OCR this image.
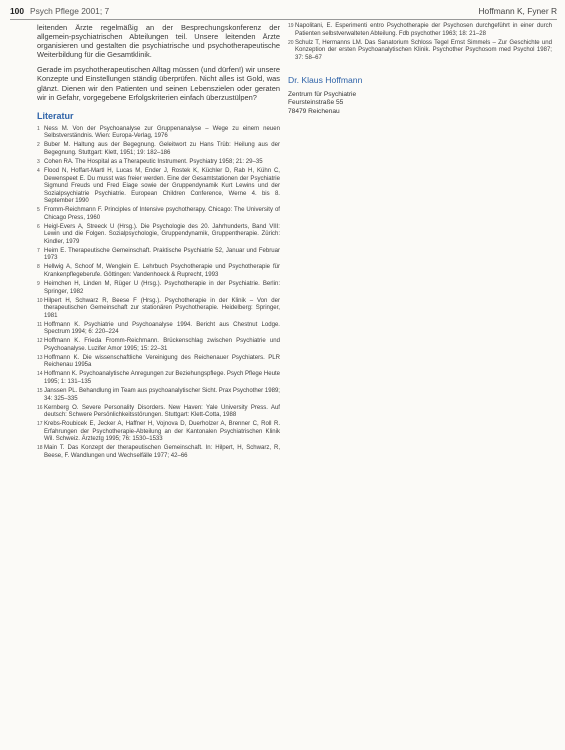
100 Psych Pflege 2001; 7	Hoffmann K, Fyner R

leitenden Ärzte regelmäßig an der Besprechungskonferenz der allgemein-psychiatrischen Abteilungen teil. Unsere leitenden Ärzte organisieren und gestalten die psychiatrische und psychotherapeutische Weiterbildung für die Gesamtklinik.

Gerade im psychotherapeutischen Alltag müssen (und dürfen!) wir unsere Konzepte und Einstellungen ständig überprüfen. Nicht alles ist Gold, was glänzt. Dienen wir den Patienten und seinen Lebenszielen oder geraten wir in Gefahr, vorgegebene Erfolgskriterien einfach überzustülpen?

Literatur
1 Ness M. Von der Psychoanalyse zur Gruppenanalyse – Wege zu einem neuen Selbstverständnis. Wien: Europa-Verlag, 1976
2 Buber M. Haltung aus der Begegnung. Geleitwort zu Hans Trüb: Heilung aus der Begegnung. Stuttgart: Klett, 1951; 19: 182–186
3 Cohen RA. The Hospital as a Therapeutic Instrument. Psychiatry 1958; 21: 29–35
4 Flood N, Hoffart-Martl H, Lucas M, Ender J, Rostek K, Küchler D, Rab H, Kühn C, Dewenspeet E. Du musst was freier werden. Eine der Gesamtstationen der Psychiatrie Sigmund Freuds und Fred Eiage sowie der Gruppendynamik Kurt Lewins und der Sozialpsychiatrie Psychiatrie. European Children Conference, Werne 4. bis 8. September 1990
5 Fromm-Reichmann F. Principles of Intensive psychotherapy. Chicago: The University of Chicago Press, 1960
6 Heigl-Evers A, Streeck U (Hrsg.). Die Psychologie des 20. Jahrhunderts, Band VIII: Lewin und die Folgen. Sozialpsychologie, Gruppendynamik, Gruppentherapie. Zürich: Kindler, 1979
7 Heim E. Therapeutische Gemeinschaft. Praktische Psychiatrie 52, Januar und Februar 1973
8 Hellwig A, Schoof M, Wenglein E. Lehrbuch Psychotherapie und Psychotherapie für Krankenpflegeberufe. Göttingen: Vandenhoeck & Ruprecht, 1993
9 Heimchen H, Linden M, Rüger U (Hrsg.). Psychotherapie in der Psychiatrie. Berlin: Springer, 1982
10 Hilpert H, Schwarz R, Beese F (Hrsg.). Psychotherapie in der Klinik – Von der therapeutischen Gemeinschaft zur stationären Psychotherapie. Heidelberg: Springer, 1981
11 Hoffmann K. Psychiatrie und Psychoanalyse 1994. Bericht aus Chestnut Lodge. Spectrum 1994; 6: 220–224
12 Hoffmann K. Frieda Fromm-Reichmann. Brückenschlag zwischen Psychiatrie und Psychoanalyse. Luzifer Amor 1995; 15: 22–31
13 Hoffmann K. Die wissenschaftliche Vereinigung des Reichenauer Psychiaters. PLR Reichenau 1995a
14 Hoffmann K. Psychoanalytische Anregungen zur Beziehungspflege. Psych Pflege Heute 1995; 1: 131–135
15 Janssen PL. Behandlung im Team aus psychoanalytischer Sicht. Prax Psychother 1989; 34: 325–335
16 Kernberg O. Severe Personality Disorders. New Haven: Yale University Press. Auf deutsch: Schwere Persönlichkeitsstörungen. Stuttgart: Klett-Cotta, 1988
17 Krebs-Roubicek E, Jecker A, Haffner H, Vojnova D, Duerholzer A, Brenner C, Roll R. Erfahrungen der Psychotherapie-Abteilung an der Kantonalen Psychiatrischen Klinik Wil. Schweiz. Ärzteztg 1995; 76: 1530–1533
18 Main T. Das Konzept der therapeutischen Gemeinschaft. In: Hilpert, H, Schwarz, R, Beese, F. Wandlungen und Wechselfälle 1977; 42–66
19 Napolitani, E. Esperimenti entro Psychotherapie der Psychosen durchgeführt in einer durch Patienten selbstverwalteten Abteilung. Fdb psychother 1963; 18: 21–28
20 Schulz T, Hermanns LM. Das Sanatorium Schloss Tegel Ernst Simmels – Zur Geschichte und Konzeption der ersten Psychoanalytischen Klinik. Psychother Psychosom med Psychol 1987; 37: 58–67
Dr. Klaus Hoffmann
Zentrum für Psychiatrie
Feursteinstraße 55
78479 Reichenau
